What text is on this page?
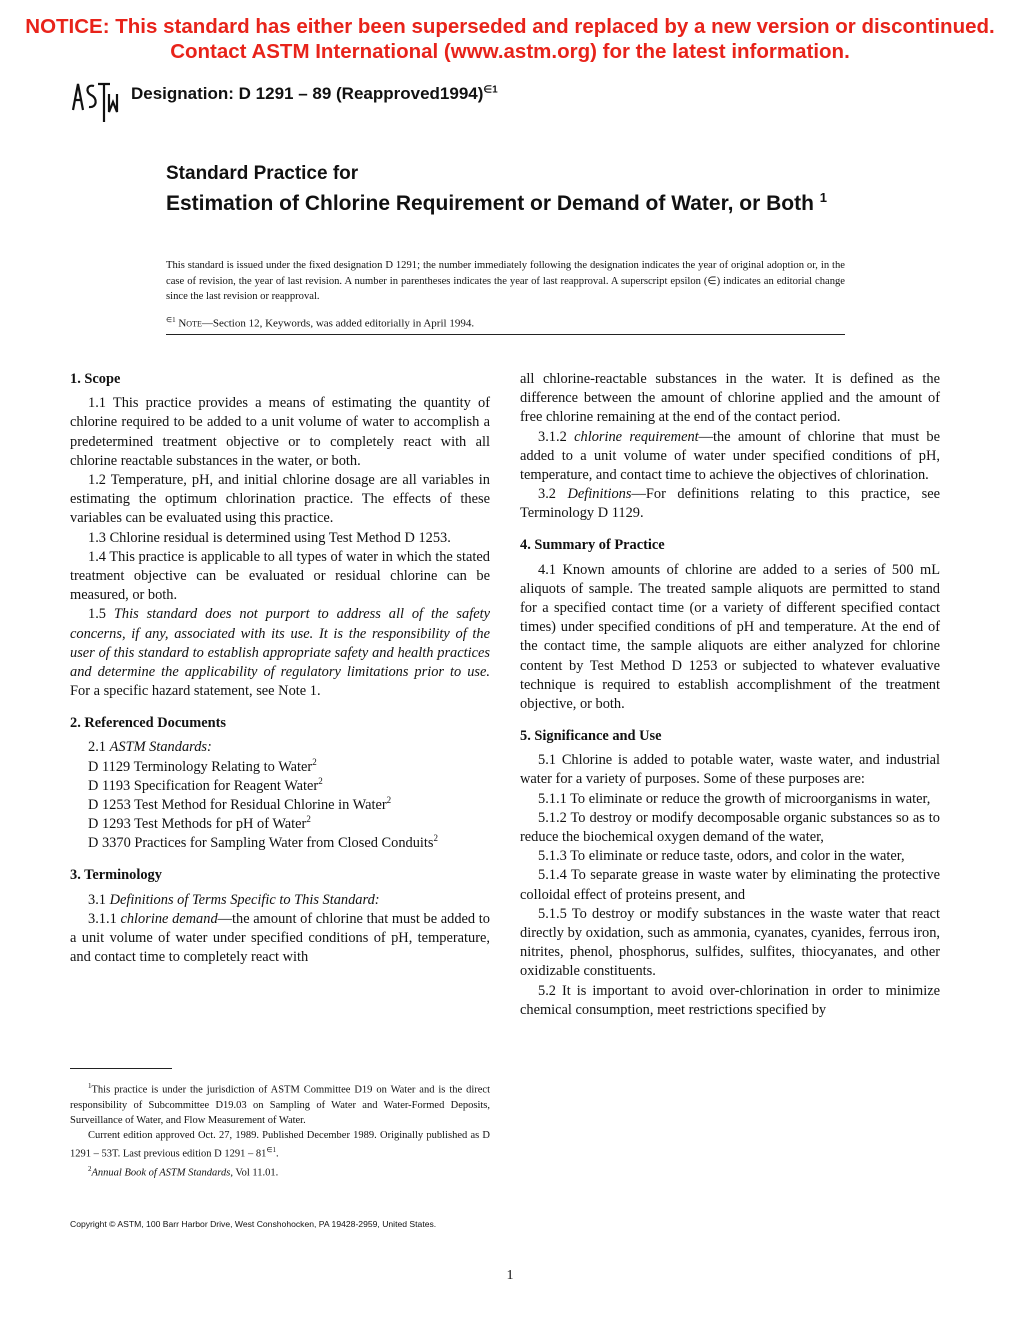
NOTICE: This standard has either been superseded and replaced by a new version or discontinued.
Contact ASTM International (www.astm.org) for the latest information.
ASTM
Designation: D 1291 – 89 (Reapproved1994)$^{\in 1}$
Standard Practice for
Estimation of Chlorine Requirement or Demand of Water, or Both $^1$
This standard is issued under the fixed designation D 1291; the number immediately following the designation indicates the year of original adoption or, in the case of revision, the year of last revision. A number in parentheses indicates the year of last reapproval. A superscript epsilon (∈) indicates an editorial change since the last revision or reapproval.
$^{\in 1}$ Note—Section 12, Keywords, was added editorially in April 1994.
1. Scope

1.1 This practice provides a means of estimating the quantity of chlorine required to be added to a unit volume of water to accomplish a predetermined treatment objective or to completely react with all chlorine reactable substances in the water, or both.

1.2 Temperature, pH, and initial chlorine dosage are all variables in estimating the optimum chlorination practice. The effects of these variables can be evaluated using this practice.

1.3 Chlorine residual is determined using Test Method D 1253.

1.4 This practice is applicable to all types of water in which the stated treatment objective can be evaluated or residual chlorine can be measured, or both.

1.5 This standard does not purport to address all of the safety concerns, if any, associated with its use. It is the responsibility of the user of this standard to establish appropriate safety and health practices and determine the applicability of regulatory limitations prior to use. For a specific hazard statement, see Note 1.

2. Referenced Documents

2.1 ASTM Standards:

D 1129 Terminology Relating to Water$^2$

D 1193 Specification for Reagent Water$^2$

D 1253 Test Method for Residual Chlorine in Water$^2$

D 1293 Test Methods for pH of Water$^2$

D 3370 Practices for Sampling Water from Closed Conduits$^2$

3. Terminology

3.1 Definitions of Terms Specific to This Standard:

3.1.1 chlorine demand—the amount of chlorine that must be added to a unit volume of water under specified conditions of pH, temperature, and contact time to completely react with

all chlorine-reactable substances in the water. It is defined as the difference between the amount of chlorine applied and the amount of free chlorine remaining at the end of the contact period.

3.1.2 chlorine requirement—the amount of chlorine that must be added to a unit volume of water under specified conditions of pH, temperature, and contact time to achieve the objectives of chlorination.

3.2 Definitions—For definitions relating to this practice, see Terminology D 1129.

4. Summary of Practice

4.1 Known amounts of chlorine are added to a series of 500 mL aliquots of sample. The treated sample aliquots are permitted to stand for a specified contact time (or a variety of different specified contact times) under specified conditions of pH and temperature. At the end of the contact time, the sample aliquots are either analyzed for chlorine content by Test Method D 1253 or subjected to whatever evaluative technique is required to establish accomplishment of the treatment objective, or both.

5. Significance and Use

5.1 Chlorine is added to potable water, waste water, and industrial water for a variety of purposes. Some of these purposes are:

5.1.1 To eliminate or reduce the growth of microorganisms in water,

5.1.2 To destroy or modify decomposable organic substances so as to reduce the biochemical oxygen demand of the water,

5.1.3 To eliminate or reduce taste, odors, and color in the water,

5.1.4 To separate grease in waste water by eliminating the protective colloidal effect of proteins present, and

5.1.5 To destroy or modify substances in the waste water that react directly by oxidation, such as ammonia, cyanates, cyanides, ferrous iron, nitrites, phenol, phosphorus, sulfides, sulfites, thiocyanates, and other oxidizable constituents.

5.2 It is important to avoid over-chlorination in order to minimize chemical consumption, meet restrictions specified by

$^1$This practice is under the jurisdiction of ASTM Committee D19 on Water and is the direct responsibility of Subcommittee D19.03 on Sampling of Water and Water-Formed Deposits, Surveillance of Water, and Flow Measurement of Water.

Current edition approved Oct. 27, 1989. Published December 1989. Originally published as D 1291 – 53T. Last previous edition D $1291 - 81^{\in 1}$.

$^2$Annual Book of ASTM Standards, Vol 11.01.

Copyright © ASTM, 100 Barr Harbor Drive, West Conshohocken, PA 19428-2959, United States.
1
